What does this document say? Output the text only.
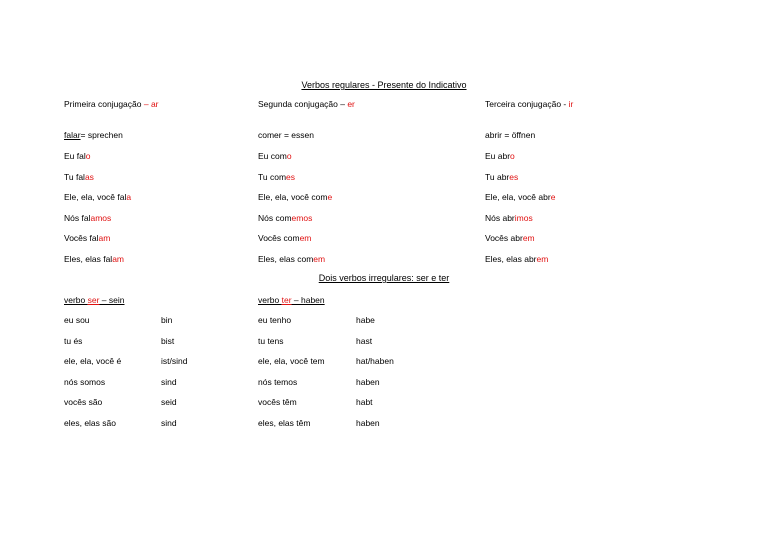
Verbos regulares - Presente do Indicativo
Dois verbos irregulares: ser e ter
Primeira conjugação – ar
falar= sprechen
Eu falo
Tu falas
Ele, ela, você fala
Nós falamos
Vocês falam
Eles, elas falam
Segunda conjugação – er
comer = essen
Eu como
Tu comes
Ele, ela, você come
Nós comemos
Vocês comem
Eles, elas comem
Terceira conjugação - ir
abrir = öffnen
Eu abro
Tu abres
Ele, ela, você abre
Nós abrimos
Vocês abrem
Eles, elas abrem
verbo ser – sein
eu sou	bin
tu és	bist
ele, ela, você é	ist/sind
nós somos	sind
vocês são	seid
eles, elas são	sind
verbo ter – haben
eu tenho	habe
tu tens	hast
ele, ela, você tem	hat/haben
nós temos	haben
vocês têm	habt
eles, elas têm	haben
